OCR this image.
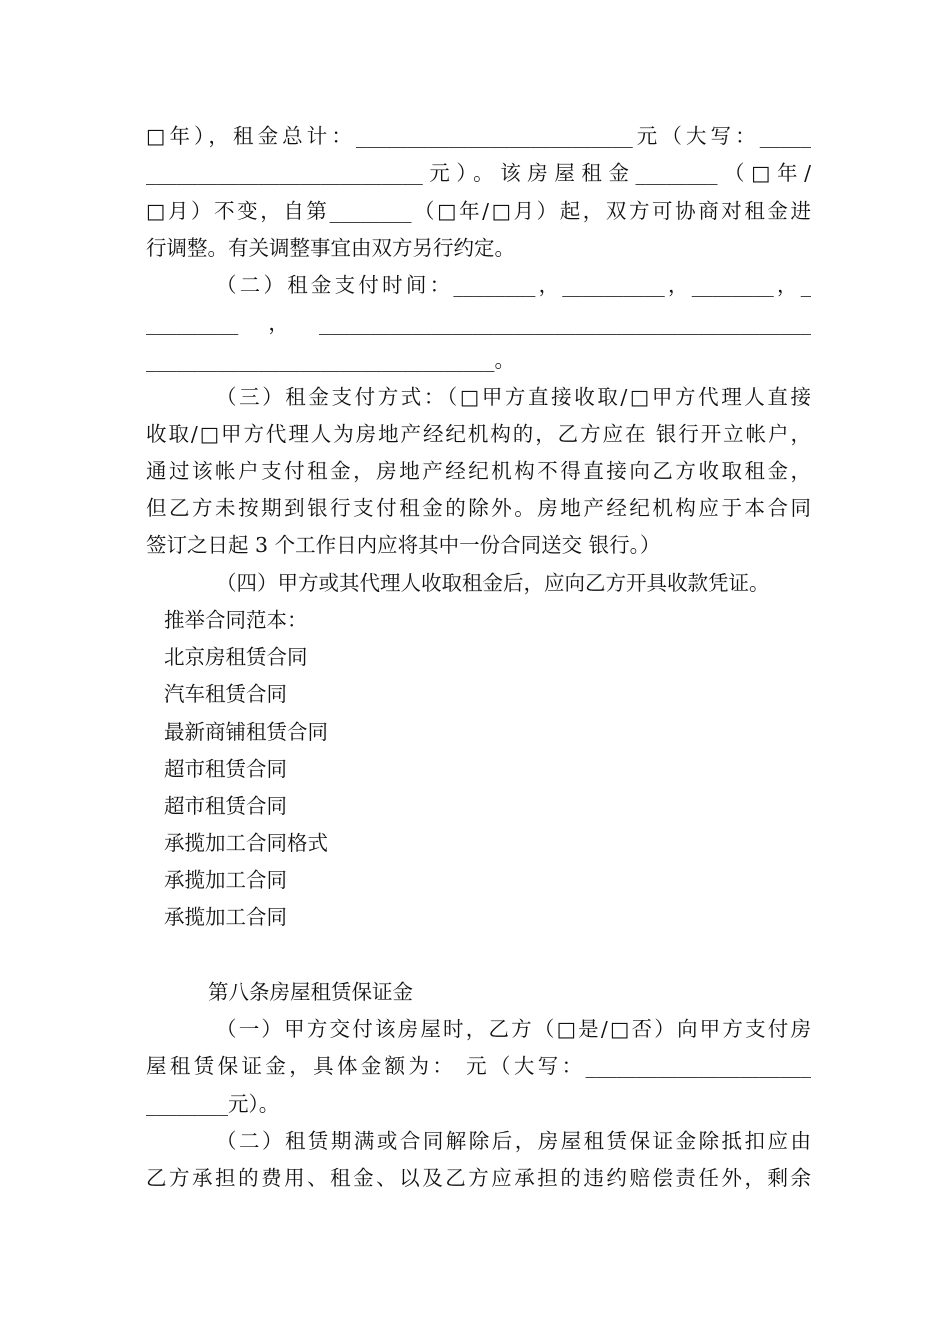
□年），租金总计：___________________________元（大写：_____
___________________________元）。该房屋租金________（□年/
□月）不变，自第________（□年/□月）起，双方可协商对租金进
行调整。有关调整事宜由双方另行约定。
（二）租金支付时间：________，__________，________，_
_________，________________________________________________
__________________________________。
（三）租金支付方式：（□甲方直接收取/□甲方代理人直接
收取/□甲方代理人为房地产经纪机构的，乙方应在 银行开立帐户，
通过该帐户支付租金，房地产经纪机构不得直接向乙方收取租金，
但乙方未按期到银行支付租金的除外。房地产经纪机构应于本合同
签订之日起 3 个工作日内应将其中一份合同送交 银行。）
（四）甲方或其代理人收取租金后，应向乙方开具收款凭证。
推举合同范本：
北京房租赁合同
汽车租赁合同
最新商铺租赁合同
超市租赁合同
超市租赁合同
承揽加工合同格式
承揽加工合同
承揽加工合同
第八条房屋租赁保证金
（一）甲方交付该房屋时，乙方（□是/□否）向甲方支付房
屋租赁保证金，具体金额为： 元（大写：______________________
________元）。
（二）租赁期满或合同解除后，房屋租赁保证金除抵扣应由
乙方承担的费用、租金、以及乙方应承担的违约赔偿责任外，剩余
